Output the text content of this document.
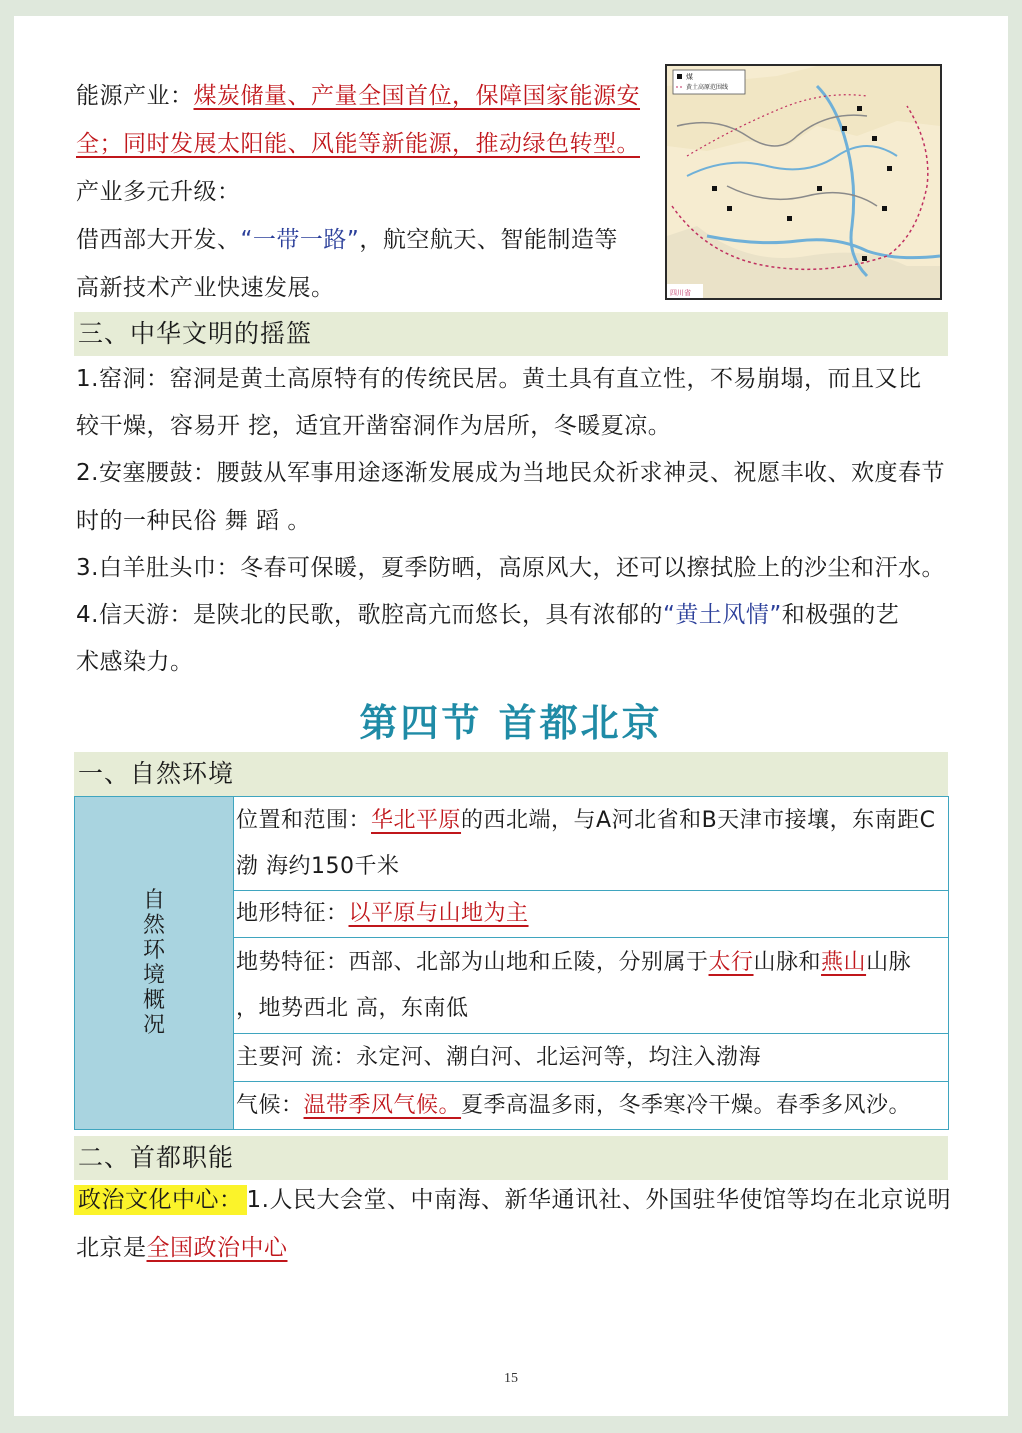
能源产业：煤炭储量、产量全国首位，保障国家能源安
全；同时发展太阳能、风能等新能源，推动绿色转型。
产业多元升级：
借西部大开发、“一带一路”，航空航天、智能制造等
高新技术产业快速发展。
煤
黄土高原范围线
四川省
三、中华文明的摇篮
1.窑洞：窑洞是黄土高原特有的传统民居。黄土具有直立性，不易崩塌，而且又比
较干燥，容易开 挖，适宜开凿窑洞作为居所，冬暖夏凉。
2.安塞腰鼓：腰鼓从军事用途逐渐发展成为当地民众祈求神灵、祝愿丰收、欢度春节
时的一种民俗 舞 蹈 。
3.白羊肚头巾：冬春可保暖，夏季防晒，高原风大，还可以擦拭脸上的沙尘和汗水。
4.信天游：是陕北的民歌，歌腔高亢而悠长，具有浓郁的“黄土风情”和极强的艺
术感染力。
第四节 首都北京
一、自然环境
自然环境概况	
位置和范围：华北平原的西北端，与A河北省和B天津市接壤，东南距C
渤 海约150千米

地形特征：以平原与山地为主

地势特征：西部、北部为山地和丘陵，分别属于太行山脉和燕山山脉
，地势西北 高，东南低

主要河 流：永定河、潮白河、北运河等，均注入渤海
气候：温带季风气候。夏季高温多雨，冬季寒冷干燥。春季多风沙。
二、首都职能
政治文化中心： 1.人民大会堂、中南海、新华通讯社、外国驻华使馆等均在北京说明
北京是全国政治中心
15
